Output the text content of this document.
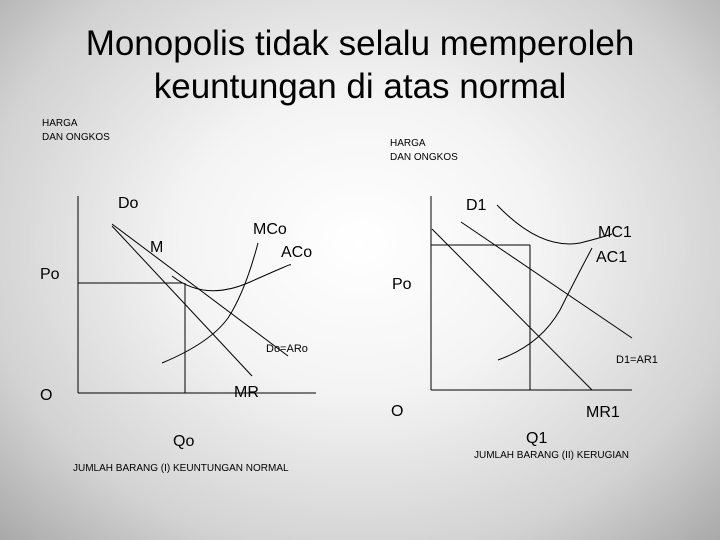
Monopolis tidak selalu memperoleh
keuntungan di atas normal
HARGA
DAN ONGKOS
Do
MCo
M	ACo
Po
Do=ARo
O	MR
Qo
JUMLAH BARANG (I) KEUNTUNGAN NORMAL
HARGA
DAN ONGKOS
D1
MC1
AC1
Po
D1=AR1
O	MR1
Q1
JUMLAH BARANG (II) KERUGIAN
